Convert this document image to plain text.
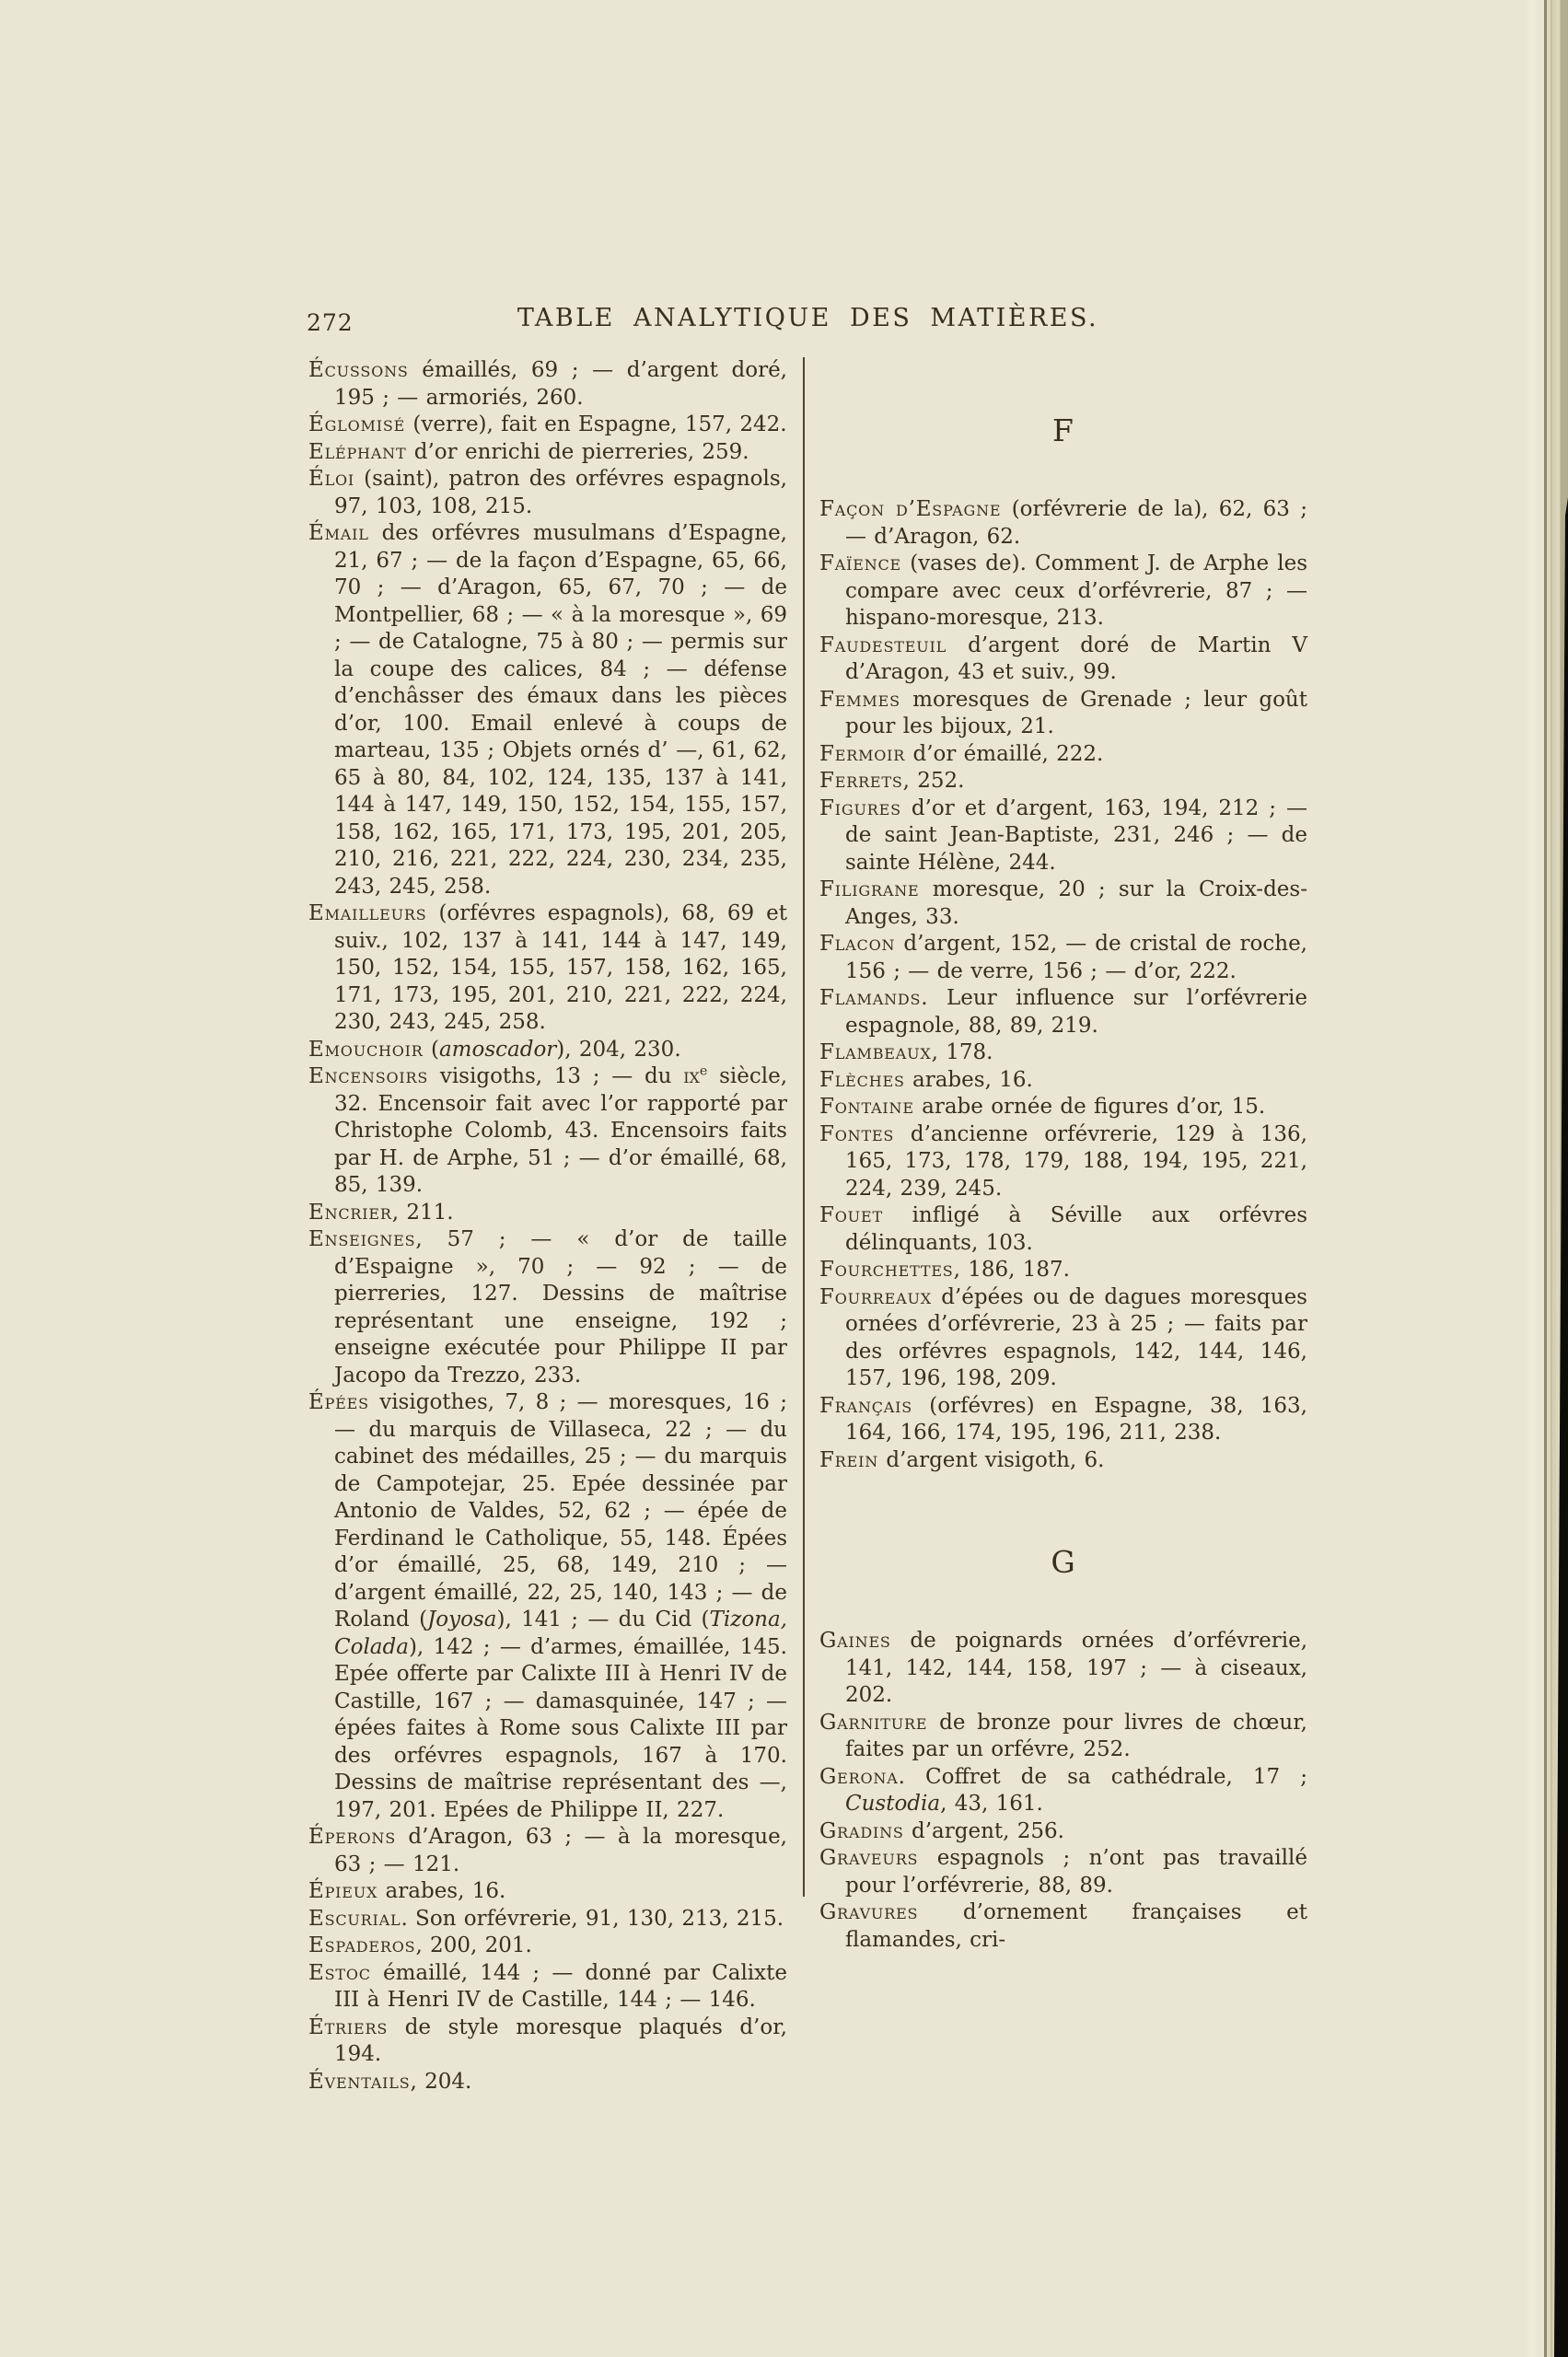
272	TABLE ANALYTIQUE DES MATIÈRES.

Écussons émaillés, 69 ; — d’argent doré, 195 ; — armoriés, 260.

Églomisé (verre), fait en Espagne, 157, 242.

Eléphant d’or enrichi de pierreries, 259.

Éloi (saint), patron des orfévres espagnols, 97, 103, 108, 215.

Émail des orfévres musulmans d’Espagne, 21, 67 ; — de la façon d’Espagne, 65, 66, 70 ; — d’Aragon, 65, 67, 70 ; — de Montpellier, 68 ; — « à la moresque », 69 ; — de Catalogne, 75 à 80 ; — permis sur la coupe des calices, 84 ; — défense d’enchâsser des émaux dans les pièces d’or, 100. Email enlevé à coups de marteau, 135 ; Objets ornés d’ —, 61, 62, 65 à 80, 84, 102, 124, 135, 137 à 141, 144 à 147, 149, 150, 152, 154, 155, 157, 158, 162, 165, 171, 173, 195, 201, 205, 210, 216, 221, 222, 224, 230, 234, 235, 243, 245, 258.

Emailleurs (orfévres espagnols), 68, 69 et suiv., 102, 137 à 141, 144 à 147, 149, 150, 152, 154, 155, 157, 158, 162, 165, 171, 173, 195, 201, 210, 221, 222, 224, 230, 243, 245, 258.

Emouchoir (amoscador), 204, 230.

Encensoirs visigoths, 13 ; — du $ix^e$ siècle, 32. Encensoir fait avec l’or rapporté par Christophe Colomb, 43. Encensoirs faits par H. de Arphe, 51 ; — d’or émaillé, 68, 85, 139.

Encrier, 211.

Enseignes, 57 ; — « d’or de taille d’Espaigne », 70 ; — 92 ; — de pierreries, 127. Dessins de maîtrise représentant une enseigne, 192 ; enseigne exécutée pour Philippe II par Jacopo da Trezzo, 233.

Épées visigothes, 7, 8 ; — moresques, 16 ; — du marquis de Villaseca, 22 ; — du cabinet des médailles, 25 ; — du marquis de Campotejar, 25. Epée dessinée par Antonio de Valdes, 52, 62 ; — épée de Ferdinand le Catholique, 55, 148. Épées d’or émaillé, 25, 68, 149, 210 ; — d’argent émaillé, 22, 25, 140, 143 ; — de Roland (Joyosa), 141 ; — du Cid (Tizona, Colada), 142 ; — d’armes, émaillée, 145. Epée offerte par Calixte III à Henri IV de Castille, 167 ; — damasquinée, 147 ; — épées faites à Rome sous Calixte III par des orfévres espagnols, 167 à 170. Dessins de maîtrise représentant des —, 197, 201. Epées de Philippe II, 227.

Éperons d’Aragon, 63 ; — à la moresque, 63 ; — 121.

Épieux arabes, 16.

Escurial. Son orfévrerie, 91, 130, 213, 215.

Espaderos, 200, 201.

Estoc émaillé, 144 ; — donné par Calixte III à Henri IV de Castille, 144 ; — 146.

Étriers de style moresque plaqués d’or, 194.

Éventails, 204.

F

Façon d’Espagne (orfévrerie de la), 62, 63 ; — d’Aragon, 62.

Faïence (vases de). Comment J. de Arphe les compare avec ceux d’orfévrerie, 87 ; — hispano-moresque, 213.

Faudesteuil d’argent doré de Martin V d’Aragon, 43 et suiv., 99.

Femmes moresques de Grenade ; leur goût pour les bijoux, 21.

Fermoir d’or émaillé, 222.

Ferrets, 252.

Figures d’or et d’argent, 163, 194, 212 ; — de saint Jean-Baptiste, 231, 246 ; — de sainte Hélène, 244.

Filigrane moresque, 20 ; sur la Croix-des-Anges, 33.

Flacon d’argent, 152, — de cristal de roche, 156 ; — de verre, 156 ; — d’or, 222.

Flamands. Leur influence sur l’orfévrerie espagnole, 88, 89, 219.

Flambeaux, 178.

Flèches arabes, 16.

Fontaine arabe ornée de figures d’or, 15.

Fontes d’ancienne orfévrerie, 129 à 136, 165, 173, 178, 179, 188, 194, 195, 221, 224, 239, 245.

Fouet infligé à Séville aux orfévres délinquants, 103.

Fourchettes, 186, 187.

Fourreaux d’épées ou de dagues moresques ornées d’orfévrerie, 23 à 25 ; — faits par des orfévres espagnols, 142, 144, 146, 157, 196, 198, 209.

Français (orfévres) en Espagne, 38, 163, 164, 166, 174, 195, 196, 211, 238.

Frein d’argent visigoth, 6.

G

Gaines de poignards ornées d’orfévrerie, 141, 142, 144, 158, 197 ; — à ciseaux, 202.

Garniture de bronze pour livres de chœur, faites par un orfévre, 252.

Gerona. Coffret de sa cathédrale, 17 ; Custodia, 43, 161.

Gradins d’argent, 256.

Graveurs espagnols ; n’ont pas travaillé pour l’orfévrerie, 88, 89.

Gravures d’ornement françaises et flamandes, cri-
